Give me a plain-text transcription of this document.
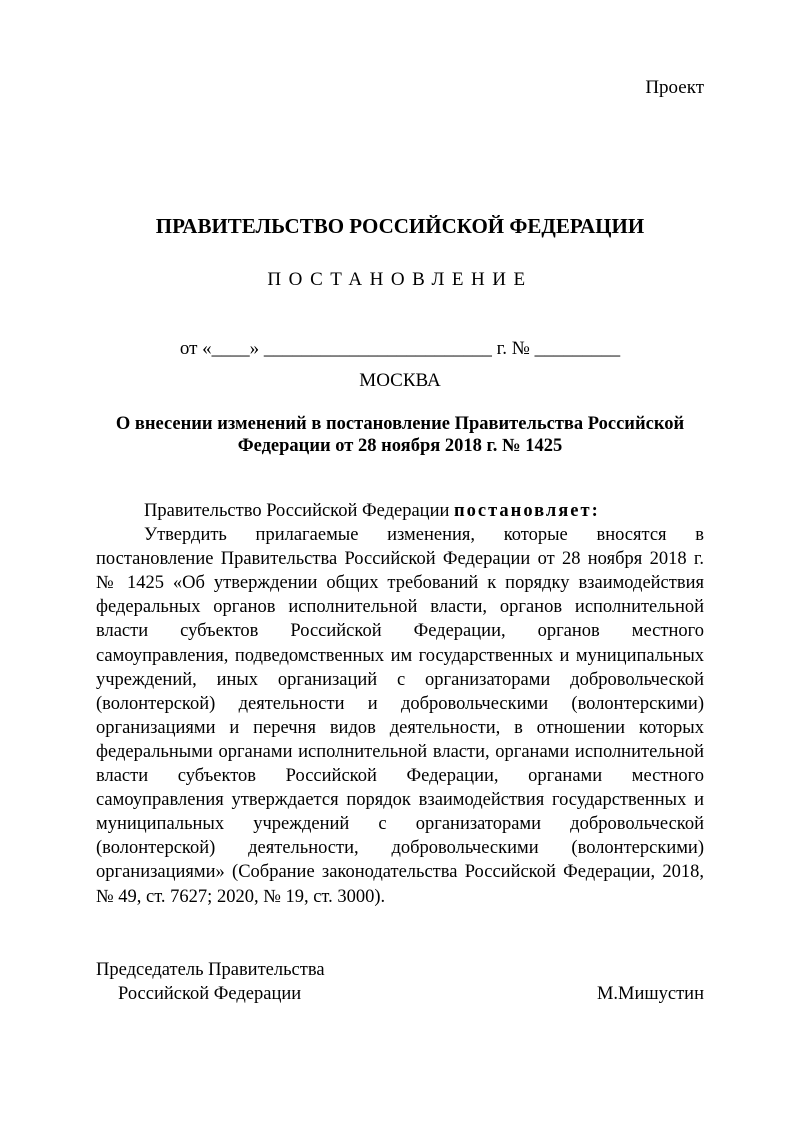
Проект
ПРАВИТЕЛЬСТВО РОССИЙСКОЙ ФЕДЕРАЦИИ
ПОСТАНОВЛЕНИЕ
от «____» ________________________ г. № _________
МОСКВА
О внесении изменений в постановление Правительства Российской
Федерации от 28 ноября 2018 г. № 1425

Правительство Российской Федерации постановляет:

Утвердить прилагаемые изменения, которые вносятся в постановление Правительства Российской Федерации от 28 ноября 2018 г. № 1425 «Об утверждении общих требований к порядку взаимодействия федеральных органов исполнительной власти, органов исполнительной власти субъектов Российской Федерации, органов местного самоуправления, подведомственных им государственных и муниципальных учреждений, иных организаций с организаторами добровольческой (волонтерской) деятельности и добровольческими (волонтерскими) организациями и перечня видов деятельности, в отношении которых федеральными органами исполнительной власти, органами исполнительной власти субъектов Российской Федерации, органами местного самоуправления утверждается порядок взаимодействия государственных и муниципальных учреждений с организаторами добровольческой (волонтерской) деятельности, добровольческими (волонтерскими) организациями» (Собрание законодательства Российской Федерации, 2018, № 49, ст. 7627; 2020, № 19, ст. 3000).

Председатель Правительства
Российской Федерации	М.Мишустин
